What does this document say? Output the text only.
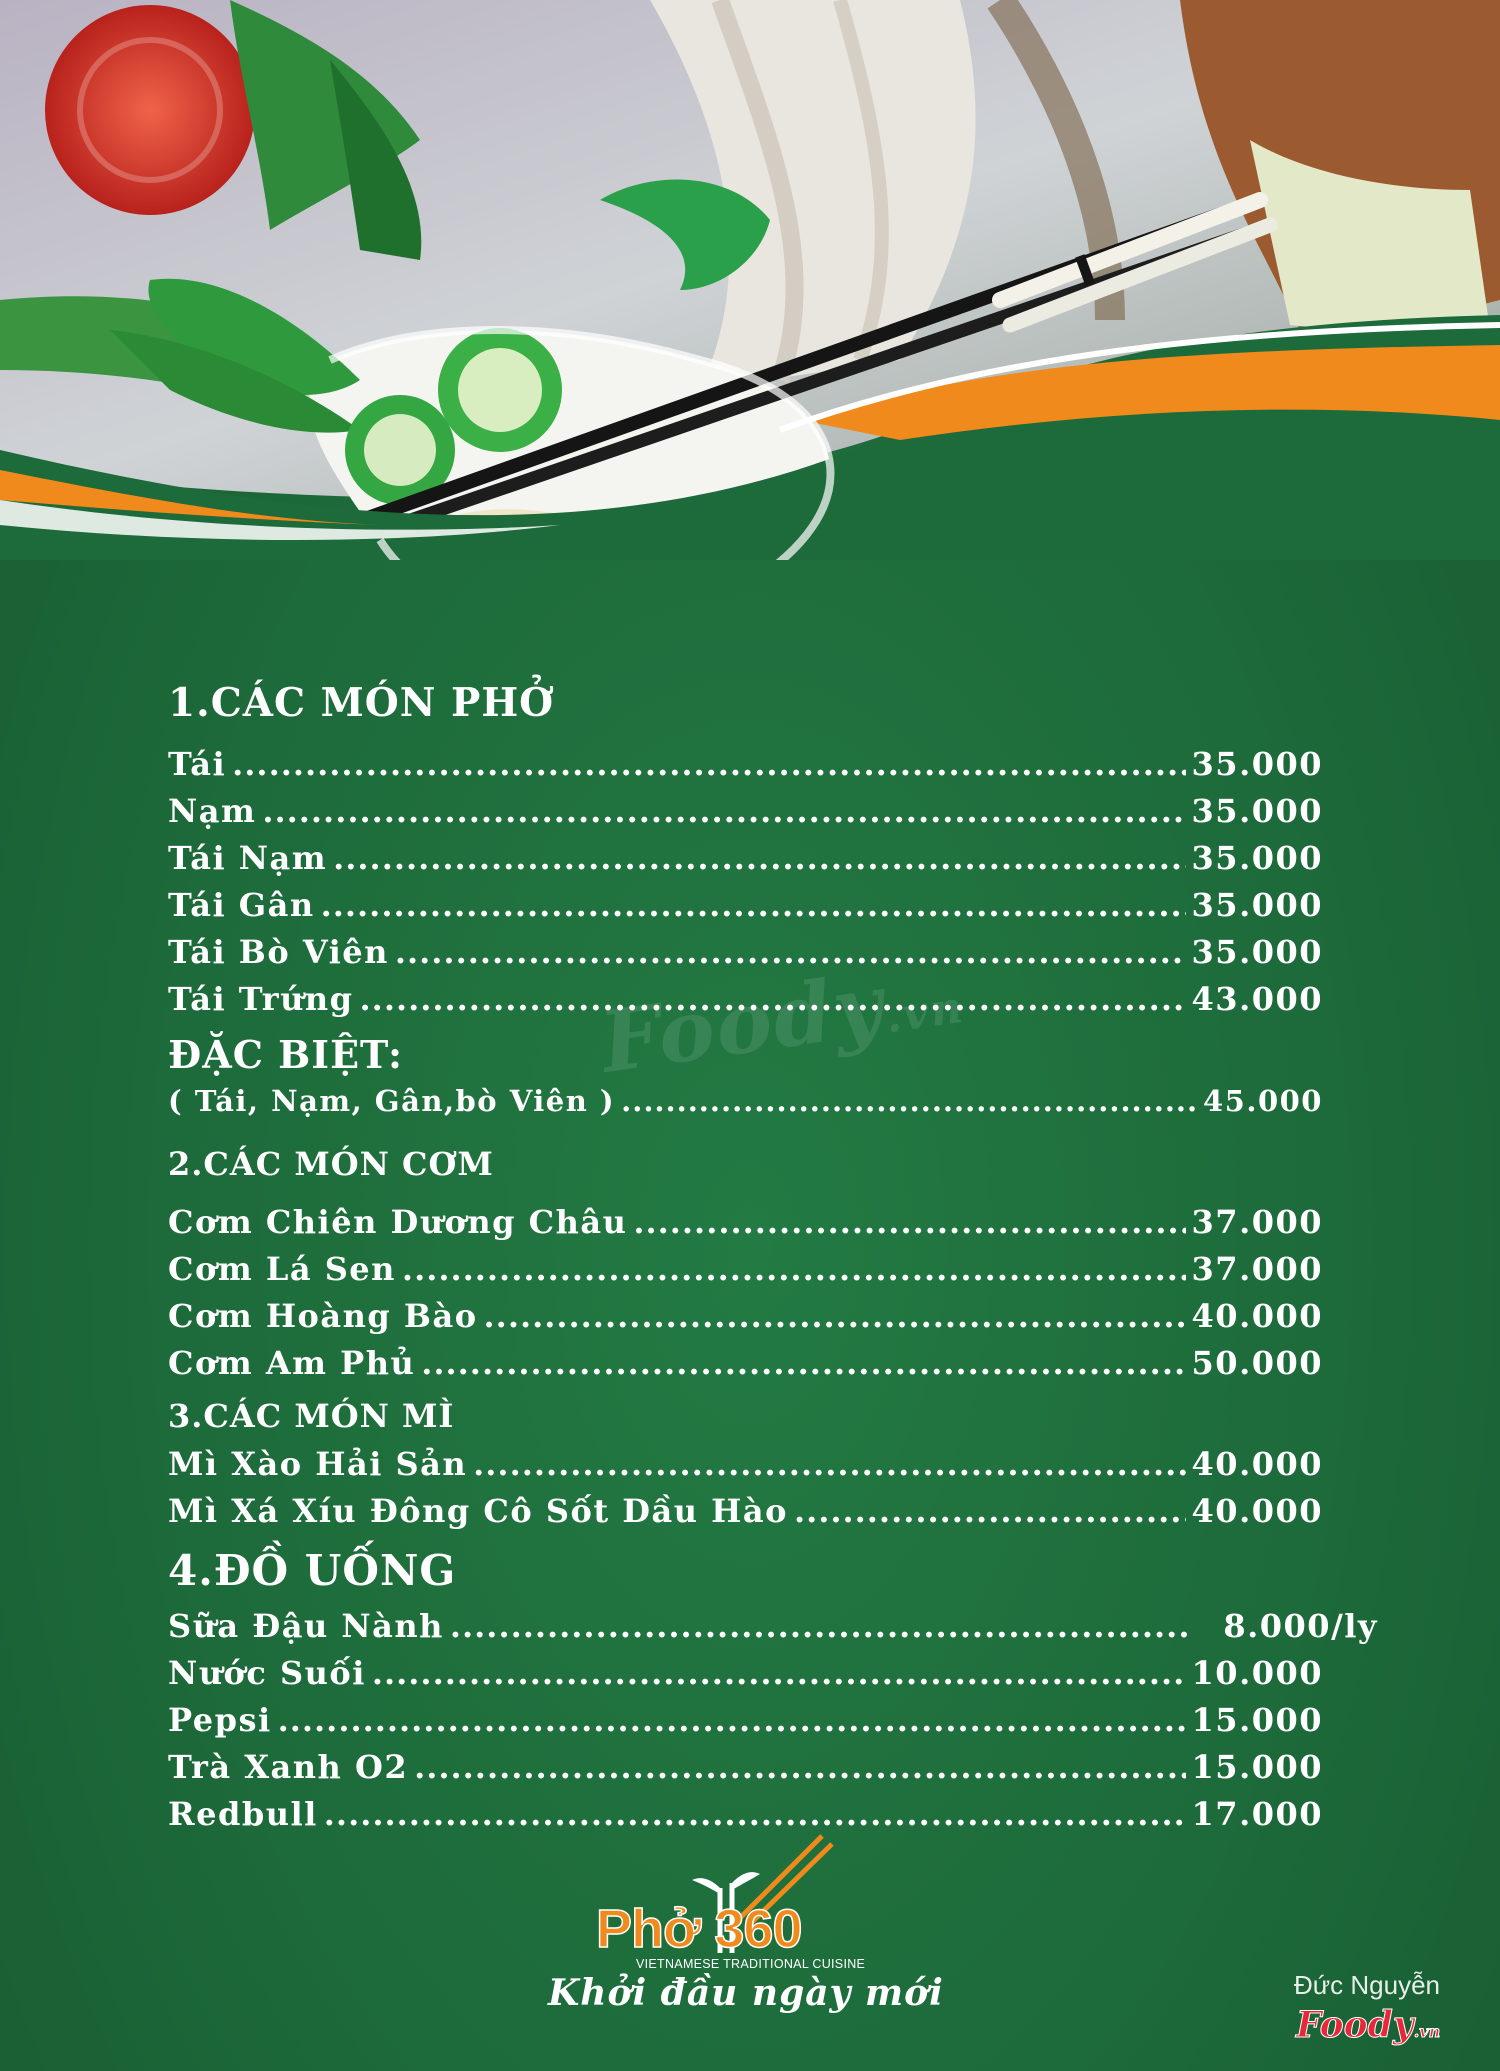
Foody.vn
1.CÁC MÓN PHỞ
Tái .....	35.000
Nạm .....	35.000
Tái Nạm .....	35.000
Tái Gân .....	35.000
Tái Bò Viên .....	35.000
Tái Trứng .....	43.000
ĐẶC BIỆT:
( Tái, Nạm, Gân,bò Viên ) .....	45.000
2.CÁC MÓN CƠM
Cơm Chiên Dương Châu .....	37.000
Cơm Lá Sen .....	37.000
Cơm Hoàng Bào .....	40.000
Cơm Am Phủ .....	50.000
3.CÁC MÓN MÌ
Mì Xào Hải Sản .....	40.000
Mì Xá Xíu Đông Cô Sốt Dầu Hào .....	40.000
4.ĐỒ UỐNG
Sữa Đậu Nành .....	8.000/ly
Nước Suối .....	10.000
Pepsi .....	15.000
Trà Xanh O2 .....	15.000
Redbull .....	17.000
Phở 360
VIETNAMESE TRADITIONAL CUISINE
Khởi đầu ngày mới	Đức Nguyễn
Foody.vn
